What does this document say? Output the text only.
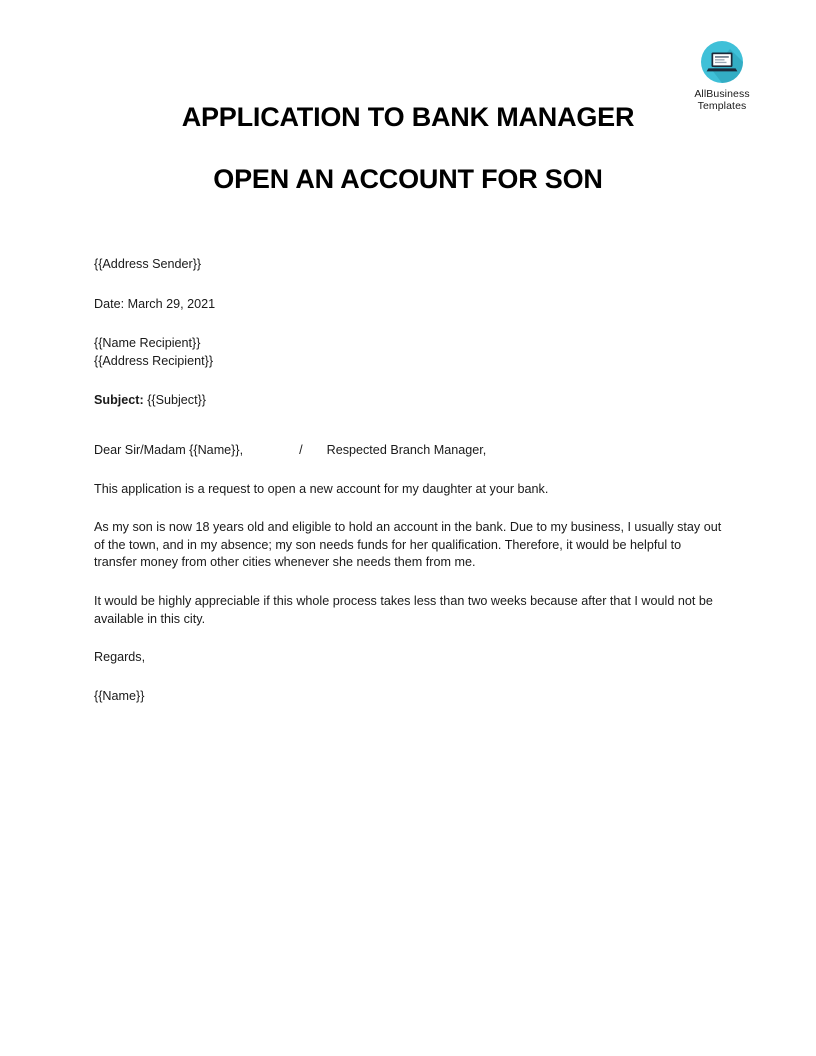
AllBusiness
Templates
APPLICATION TO BANK MANAGER
OPEN AN ACCOUNT FOR SON

{{Address Sender}}

Date: March 29, 2021

{{Name Recipient}}

{{Address Recipient}}

Subject: {{Subject}}

Dear Sir/Madam {{Name}},	/ Respected Branch Manager,

This application is a request to open a new account for my daughter at your bank.

As my son is now 18 years old and eligible to hold an account in the bank. Due to my business, I usually stay out of the town, and in my absence; my son needs funds for her qualification. Therefore, it would be helpful to transfer money from other cities whenever she needs them from me.

It would be highly appreciable if this whole process takes less than two weeks because after that I would not be available in this city.

Regards,

{{Name}}
